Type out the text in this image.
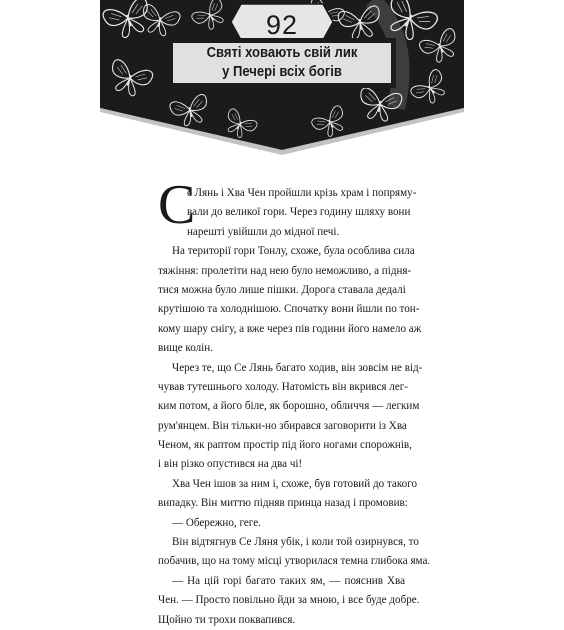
92
Святі ховають свій лик
у Печері всіх богів
С
є Лянь і Хва Чен пройшли крізь храм і попряму-
вали до великої гори. Через годину шляху вони
нарешті увійшли до мідної печі.
На території гори Тонлу, схоже, була особлива сила
тяжіння: пролетіти над нею було неможливо, а підня-
тися можна було лише пішки. Дорога ставала дедалі
крутішою та холоднішою. Спочатку вони йшли по тон-
кому шару снігу, а вже через пів години його намело аж
вище колін.
Через те, що Се Лянь багато ходив, він зовсім не від-
чував тутешнього холоду. Натомість він вкрився лег-
ким потом, а його біле, як борошно, обличчя — легким
рум'янцем. Він тільки-но збирався заговорити із Хва
Ченом, як раптом простір під його ногами спорожнів,
і він різко опустився на два чі!
Хва Чен ішов за ним і, схоже, був готовий до такого
випадку. Він миттю підняв принца назад і промовив:
— Обережно, геге.
Він відтягнув Се Ляня убік, і коли той озирнувся, то
побачив, що на тому місці утворилася темна глибока яма.
— На цій горі багато таких ям, — пояснив Хва
Чен. — Просто повільно йди за мною, і все буде добре.
Щойно ти трохи поквапився.
